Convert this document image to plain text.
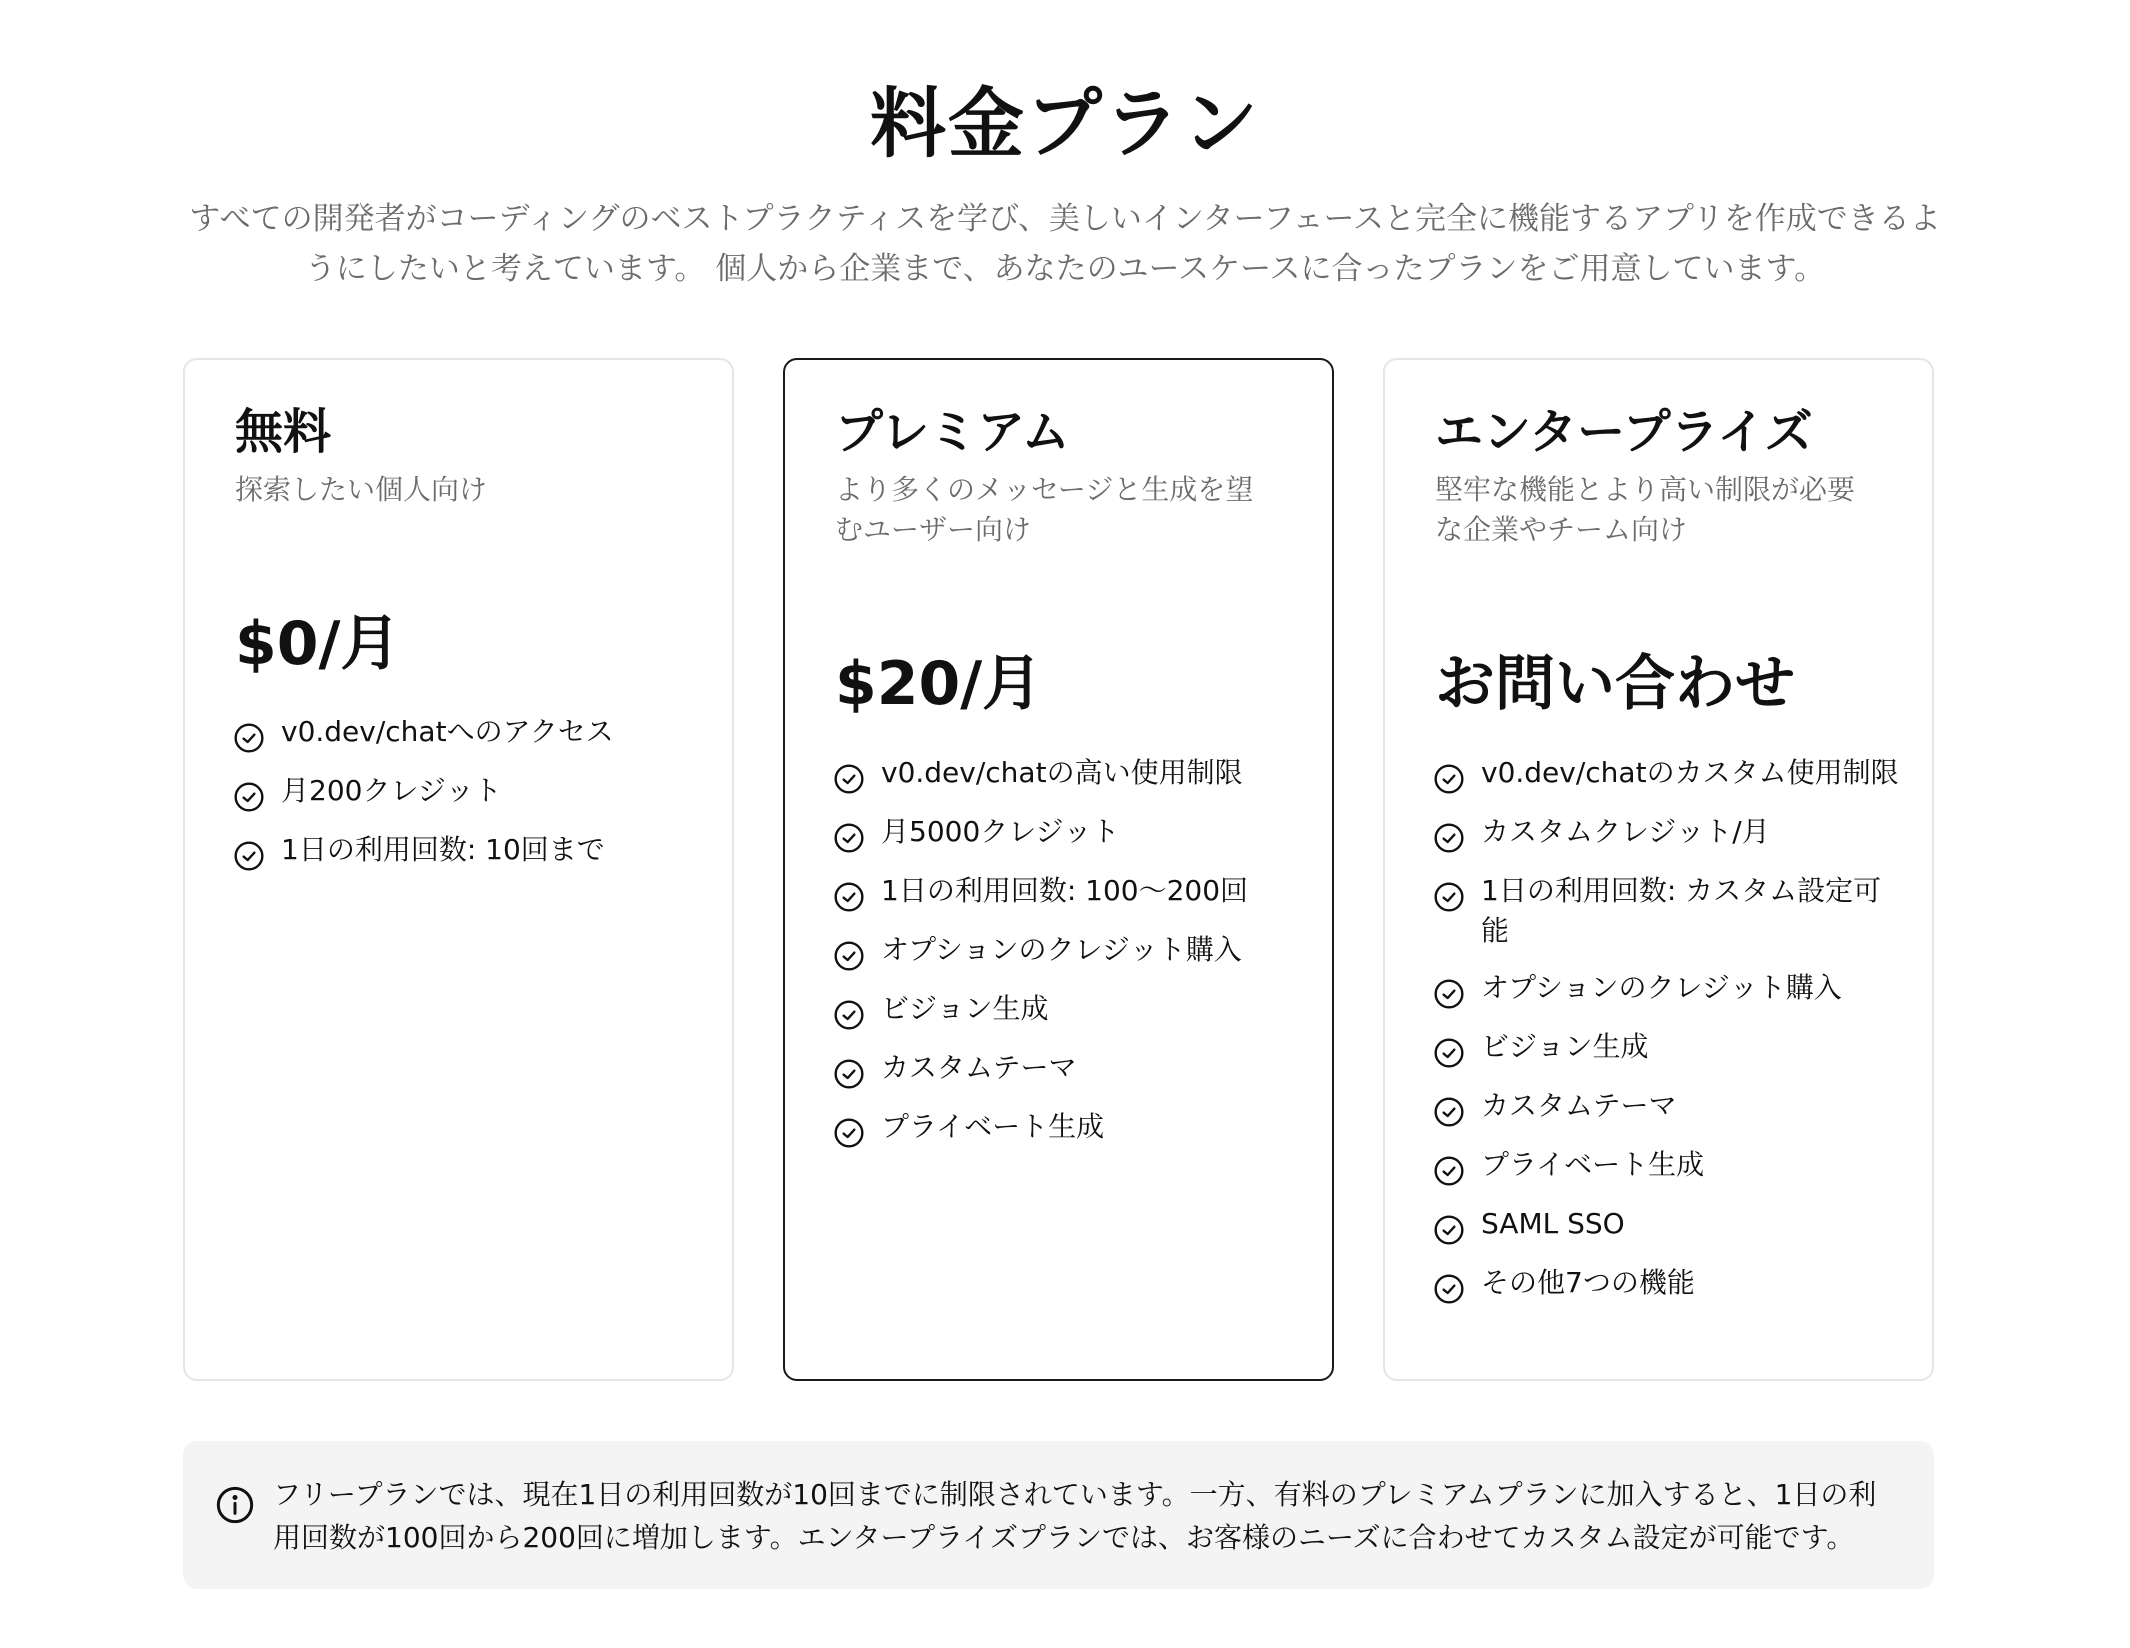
料金プラン

すべての開発者がコーディングのベストプラクティスを学び、美しいインターフェースと完全に機能するアプリを作成できるようにしたいと考えています。 個人から企業まで、あなたのユースケースに合ったプランをご用意しています。

無料
探索したい個人向け
$0/月
v0.dev/chatへのアクセス
月200クレジット
1日の利用回数: 10回まで
プレミアム
より多くのメッセージと生成を望むユーザー向け
$20/月
v0.dev/chatの高い使用制限
月5000クレジット
1日の利用回数: 100〜200回
オプションのクレジット購入
ビジョン生成
カスタムテーマ
プライベート生成
エンタープライズ
堅牢な機能とより高い制限が必要な企業やチーム向け
お問い合わせ
v0.dev/chatのカスタム使用制限
カスタムクレジット/月
1日の利用回数: カスタム設定可能
オプションのクレジット購入
ビジョン生成
カスタムテーマ
プライベート生成
SAML SSO
その他7つの機能
フリープランでは、現在1日の利用回数が10回までに制限されています。一方、有料のプレミアムプランに加入すると、1日の利用回数が100回から200回に増加します。エンタープライズプランでは、お客様のニーズに合わせてカスタム設定が可能です。
